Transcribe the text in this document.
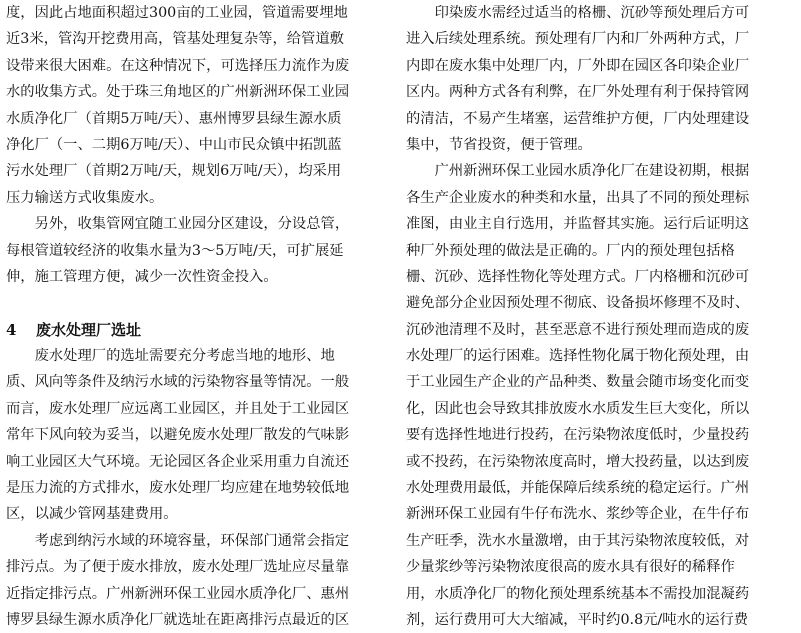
度，因此占地面积超过300亩的工业园，管道需要埋地
近3米，管沟开挖费用高，管基处理复杂等，给管道敷
设带来很大困难。在这种情况下，可选择压力流作为废
水的收集方式。处于珠三角地区的广州新洲环保工业园
水质净化厂（首期5万吨/天）、惠州博罗县绿生源水质
净化厂（一、二期6万吨/天）、中山市民众镇中拓凯蓝
污水处理厂（首期2万吨/天，规划6万吨/天），均采用
压力输送方式收集废水。
　　另外，收集管网宜随工业园分区建设，分设总管，
每根管道较经济的收集水量为3～5万吨/天，可扩展延
伸，施工管理方便，减少一次性资金投入。
4 废水处理厂选址
　　废水处理厂的选址需要充分考虑当地的地形、地
质、风向等条件及纳污水域的污染物容量等情况。一般
而言，废水处理厂应远离工业园区，并且处于工业园区
常年下风向较为妥当，以避免废水处理厂散发的气味影
响工业园区大气环境。无论园区各企业采用重力自流还
是压力流的方式排水，废水处理厂均应建在地势较低地
区，以减少管网基建费用。
　　考虑到纳污水域的环境容量，环保部门通常会指定
排污点。为了便于废水排放，废水处理厂选址应尽量靠
近指定排污点。广州新洲环保工业园水质净化厂、惠州
博罗县绿生源水质净化厂就选址在距离排污点最近的区
　　印染废水需经过适当的格栅、沉砂等预处理后方可
进入后续处理系统。预处理有厂内和厂外两种方式，厂
内即在废水集中处理厂内，厂外即在园区各印染企业厂
区内。两种方式各有利弊，在厂外处理有利于保持管网
的清洁，不易产生堵塞，运营维护方便，厂内处理建设
集中，节省投资，便于管理。
　　广州新洲环保工业园水质净化厂在建设初期，根据
各生产企业废水的种类和水量，出具了不同的预处理标
准图，由业主自行选用，并监督其实施。运行后证明这
种厂外预处理的做法是正确的。厂内的预处理包括格
栅、沉砂、选择性物化等处理方式。厂内格栅和沉砂可
避免部分企业因预处理不彻底、设备损坏修理不及时、
沉砂池清理不及时，甚至恶意不进行预处理而造成的废
水处理厂的运行困难。选择性物化属于物化预处理，由
于工业园生产企业的产品种类、数量会随市场变化而变
化，因此也会导致其排放废水水质发生巨大变化，所以
要有选择性地进行投药，在污染物浓度低时，少量投药
或不投药，在污染物浓度高时，增大投药量，以达到废
水处理费用最低，并能保障后续系统的稳定运行。广州
新洲环保工业园有牛仔布洗水、浆纱等企业，在牛仔布
生产旺季，洗水水量激增，由于其污染物浓度较低，对
少量浆纱等污染物浓度很高的废水具有很好的稀释作
用，水质净化厂的物化预处理系统基本不需投加混凝药
剂，运行费用可大大缩减，平时约0.8元/吨水的运行费
